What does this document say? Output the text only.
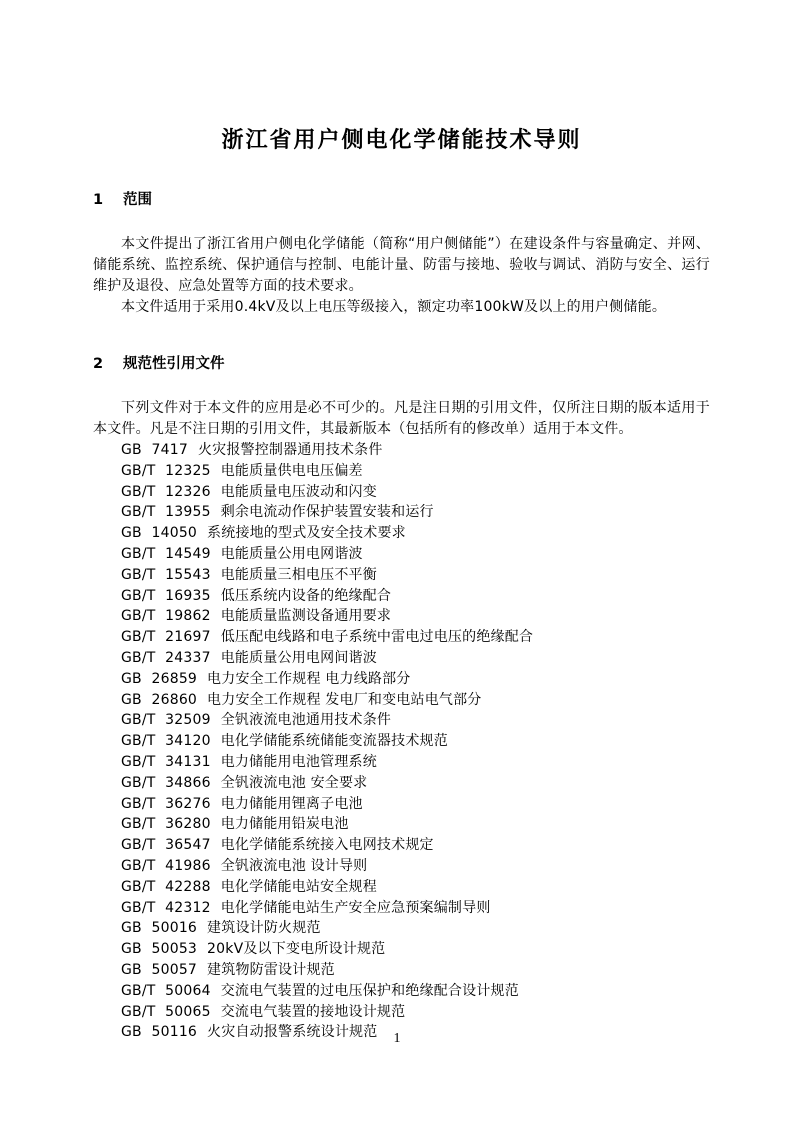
浙江省用户侧电化学储能技术导则
1 范围

本文件提出了浙江省用户侧电化学储能（简称“用户侧储能”）在建设条件与容量确定、并网、储能系统、监控系统、保护通信与控制、电能计量、防雷与接地、验收与调试、消防与安全、运行维护及退役、应急处置等方面的技术要求。

本文件适用于采用0.4kV及以上电压等级接入，额定功率100kW及以上的用户侧储能。

2 规范性引用文件

下列文件对于本文件的应用是必不可少的。凡是注日期的引用文件，仅所注日期的版本适用于本文件。凡是不注日期的引用文件，其最新版本（包括所有的修改单）适用于本文件。

GB 7417 火灾报警控制器通用技术条件
GB/T 12325 电能质量供电电压偏差
GB/T 12326 电能质量电压波动和闪变
GB/T 13955 剩余电流动作保护装置安装和运行
GB 14050 系统接地的型式及安全技术要求
GB/T 14549 电能质量公用电网谐波
GB/T 15543 电能质量三相电压不平衡
GB/T 16935 低压系统内设备的绝缘配合
GB/T 19862 电能质量监测设备通用要求
GB/T 21697 低压配电线路和电子系统中雷电过电压的绝缘配合
GB/T 24337 电能质量公用电网间谐波
GB 26859 电力安全工作规程 电力线路部分
GB 26860 电力安全工作规程 发电厂和变电站电气部分
GB/T 32509 全钒液流电池通用技术条件
GB/T 34120 电化学储能系统储能变流器技术规范
GB/T 34131 电力储能用电池管理系统
GB/T 34866 全钒液流电池 安全要求
GB/T 36276 电力储能用锂离子电池
GB/T 36280 电力储能用铅炭电池
GB/T 36547 电化学储能系统接入电网技术规定
GB/T 41986 全钒液流电池 设计导则
GB/T 42288 电化学储能电站安全规程
GB/T 42312 电化学储能电站生产安全应急预案编制导则
GB 50016 建筑设计防火规范
GB 50053 20kV及以下变电所设计规范
GB 50057 建筑物防雷设计规范
GB/T 50064 交流电气装置的过电压保护和绝缘配合设计规范
GB/T 50065 交流电气装置的接地设计规范
GB 50116 火灾自动报警系统设计规范	1
